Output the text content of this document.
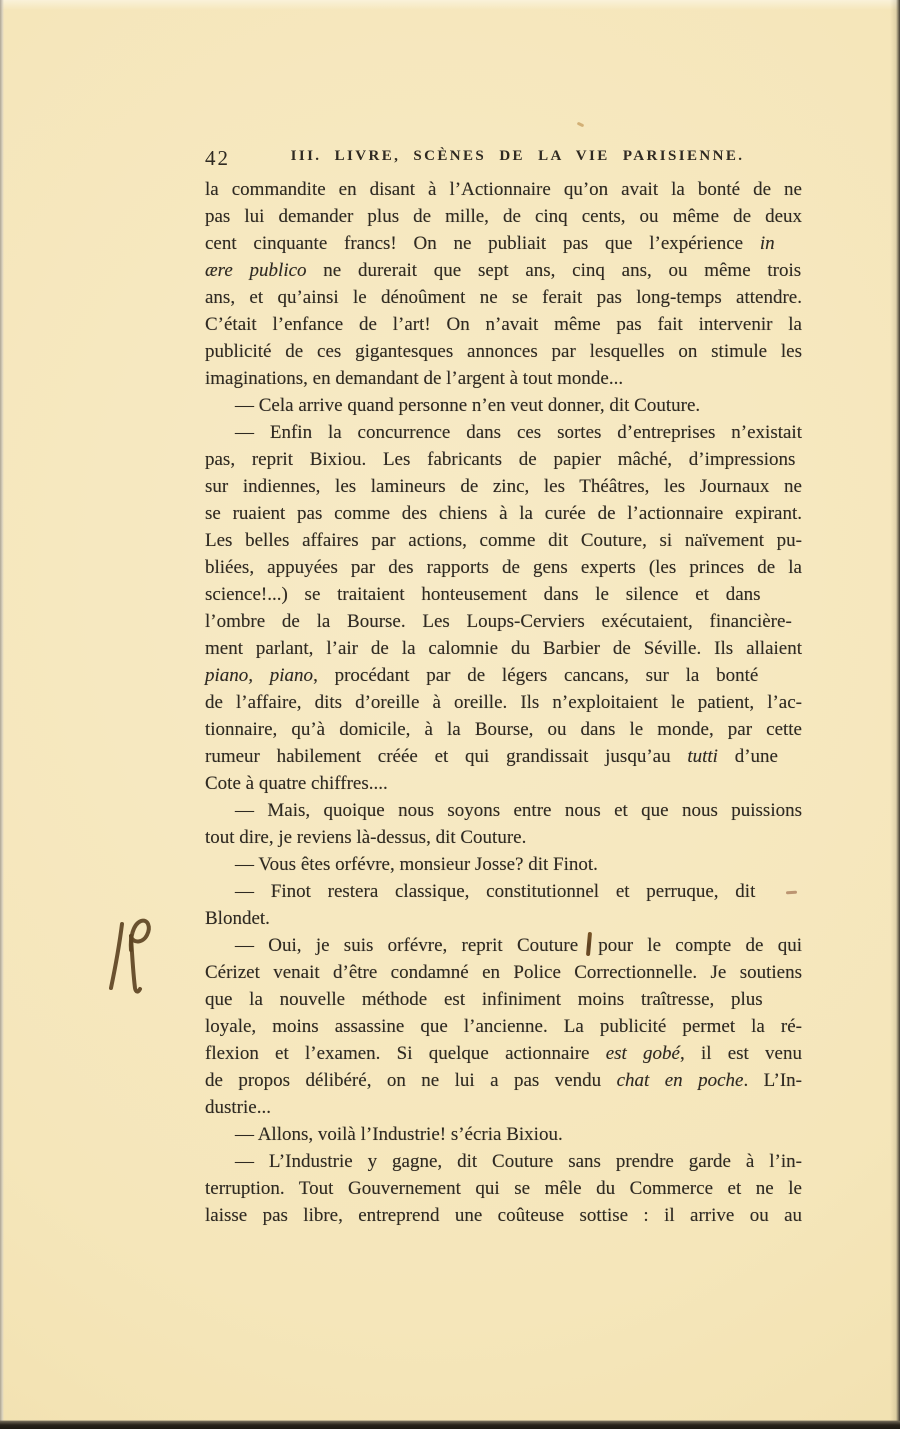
42	III. LIVRE, SCÈNES DE LA VIE PARISIENNE.
la commandite en disant à l’Actionnaire qu’on avait la bonté de ne
pas lui demander plus de mille, de cinq cents, ou même de deux
cent cinquante francs! On ne publiait pas que l’expérience in
ære publico ne durerait que sept ans, cinq ans, ou même trois
ans, et qu’ainsi le dénoûment ne se ferait pas long-temps attendre.
C’était l’enfance de l’art! On n’avait même pas fait intervenir la
publicité de ces gigantesques annonces par lesquelles on stimule les
imaginations, en demandant de l’argent à tout monde...
— Cela arrive quand personne n’en veut donner, dit Couture.
— Enfin la concurrence dans ces sortes d’entreprises n’existait
pas, reprit Bixiou. Les fabricants de papier mâché, d’impressions
sur indiennes, les lamineurs de zinc, les Théâtres, les Journaux ne
se ruaient pas comme des chiens à la curée de l’actionnaire expirant.
Les belles affaires par actions, comme dit Couture, si naïvement pu-
bliées, appuyées par des rapports de gens experts (les princes de la
science!...) se traitaient honteusement dans le silence et dans
l’ombre de la Bourse. Les Loups-Cerviers exécutaient, financière-
ment parlant, l’air de la calomnie du Barbier de Séville. Ils allaient
piano, piano, procédant par de légers cancans, sur la bonté
de l’affaire, dits d’oreille à oreille. Ils n’exploitaient le patient, l’ac-
tionnaire, qu’à domicile, à la Bourse, ou dans le monde, par cette
rumeur habilement créée et qui grandissait jusqu’au tutti d’une
Cote à quatre chiffres....
— Mais, quoique nous soyons entre nous et que nous puissions
tout dire, je reviens là-dessus, dit Couture.
— Vous êtes orfévre, monsieur Josse? dit Finot.
— Finot restera classique, constitutionnel et perruque, dit
Blondet.
— Oui, je suis orfévre, reprit Couture pour le compte de qui
Cérizet venait d’être condamné en Police Correctionnelle. Je soutiens
que la nouvelle méthode est infiniment moins traîtresse, plus
loyale, moins assassine que l’ancienne. La publicité permet la ré-
flexion et l’examen. Si quelque actionnaire est gobé, il est venu
de propos délibéré, on ne lui a pas vendu chat en poche. L’In-
dustrie...
— Allons, voilà l’Industrie! s’écria Bixiou.
— L’Industrie y gagne, dit Couture sans prendre garde à l’in-
terruption. Tout Gouvernement qui se mêle du Commerce et ne le
laisse pas libre, entreprend une coûteuse sottise : il arrive ou au
